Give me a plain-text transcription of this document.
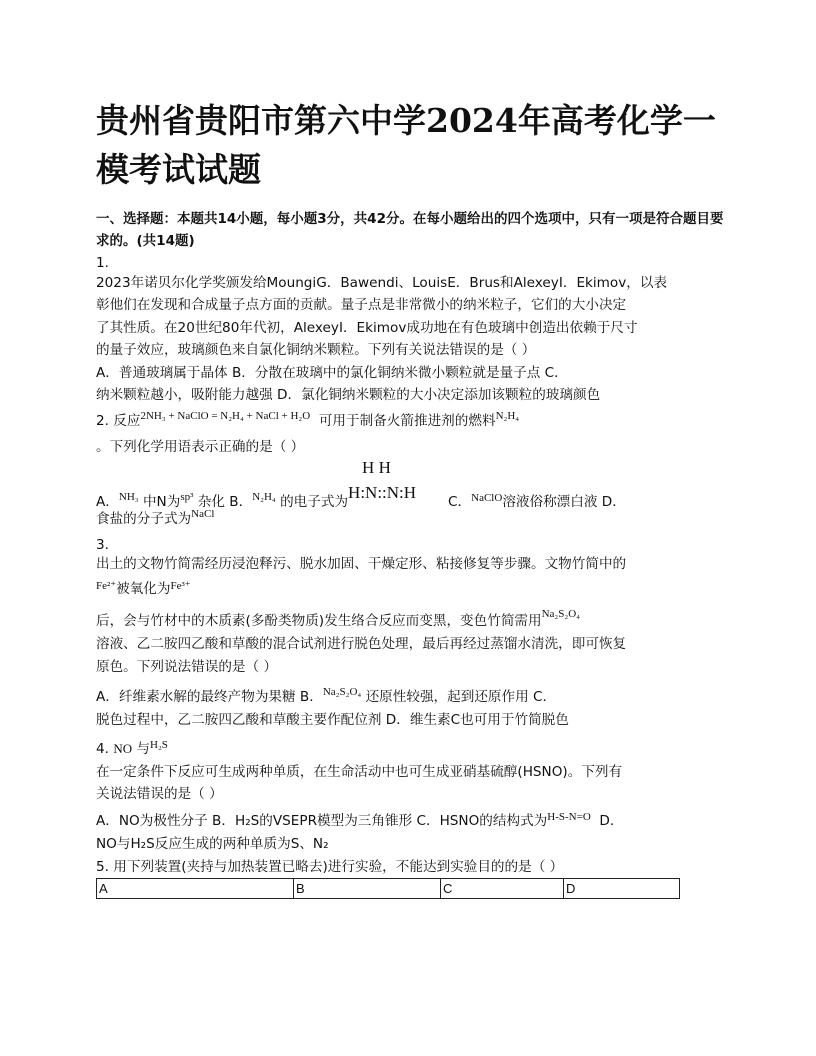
贵州省贵阳市第六中学2024年高考化学一模考试试题
一、选择题：本题共14小题，每小题3分，共42分。在每小题给出的四个选项中，只有一项是符合题目要求的。(共14题)
1.
2023年诺贝尔化学奖颁发给MoungiG．Bawendi、LouisE．Brus和AlexeyI．Ekimov，以表
彰他们在发现和合成量子点方面的贡献。量子点是非常微小的纳米粒子，它们的大小决定
了其性质。在20世纪80年代初，AlexeyI．Ekimov成功地在有色玻璃中创造出依赖于尺寸
的量子效应，玻璃颜色来自氯化铜纳米颗粒。下列有关说法错误的是（ ）
A．普通玻璃属于晶体 B．分散在玻璃中的氯化铜纳米微小颗粒就是量子点 C．
纳米颗粒越小，吸附能力越强 D．氯化铜纳米颗粒的大小决定添加该颗粒的玻璃颜色
2. 反应$^{2NH_3 + NaClO = N_2H_4 + NaCl + H_2O}$ 可用于制备火箭推进剂的燃料$^{N_2H_4}$
。下列化学用语表示正确的是（ ）
A．$^{NH_3}$ 中N为$^{sp^3}$ 杂化 B．$^{N_2H_4}$ 的电子式为
H H
H:N::N:H C．$^{NaClO}$溶液俗称漂白液 D．
食盐的分子式为$^{NaCl}$
3.
出土的文物竹简需经历浸泡释污、脱水加固、干燥定形、粘接修复等步骤。文物竹简中的
$^{Fe^{2+}}$被氧化为$^{Fe^{3+}}$
后，会与竹材中的木质素(多酚类物质)发生络合反应而变黑，变色竹简需用$^{Na_2S_2O_4}$
溶液、乙二胺四乙酸和草酸的混合试剂进行脱色处理，最后再经过蒸馏水清洗，即可恢复
原色。下列说法错误的是（ ）
A．纤维素水解的最终产物为果糖 B．$^{Na_2S_2O_4}$ 还原性较强，起到还原作用 C．
脱色过程中，乙二胺四乙酸和草酸主要作配位剂 D．维生素C也可用于竹简脱色
4. NO 与$^{H_2S}$
在一定条件下反应可生成两种单质，在生命活动中也可生成亚硝基硫醇(HSNO)。下列有
关说法错误的是（ ）
A．NO为极性分子 B．H₂S的VSEPR模型为三角锥形 C．HSNO的结构式为$^{H-S-N=O}$ D．
NO与H₂S反应生成的两种单质为S、N₂
5. 用下列装置(夹持与加热装置已略去)进行实验，不能达到实验目的的是（ ）
A	B	C	D
